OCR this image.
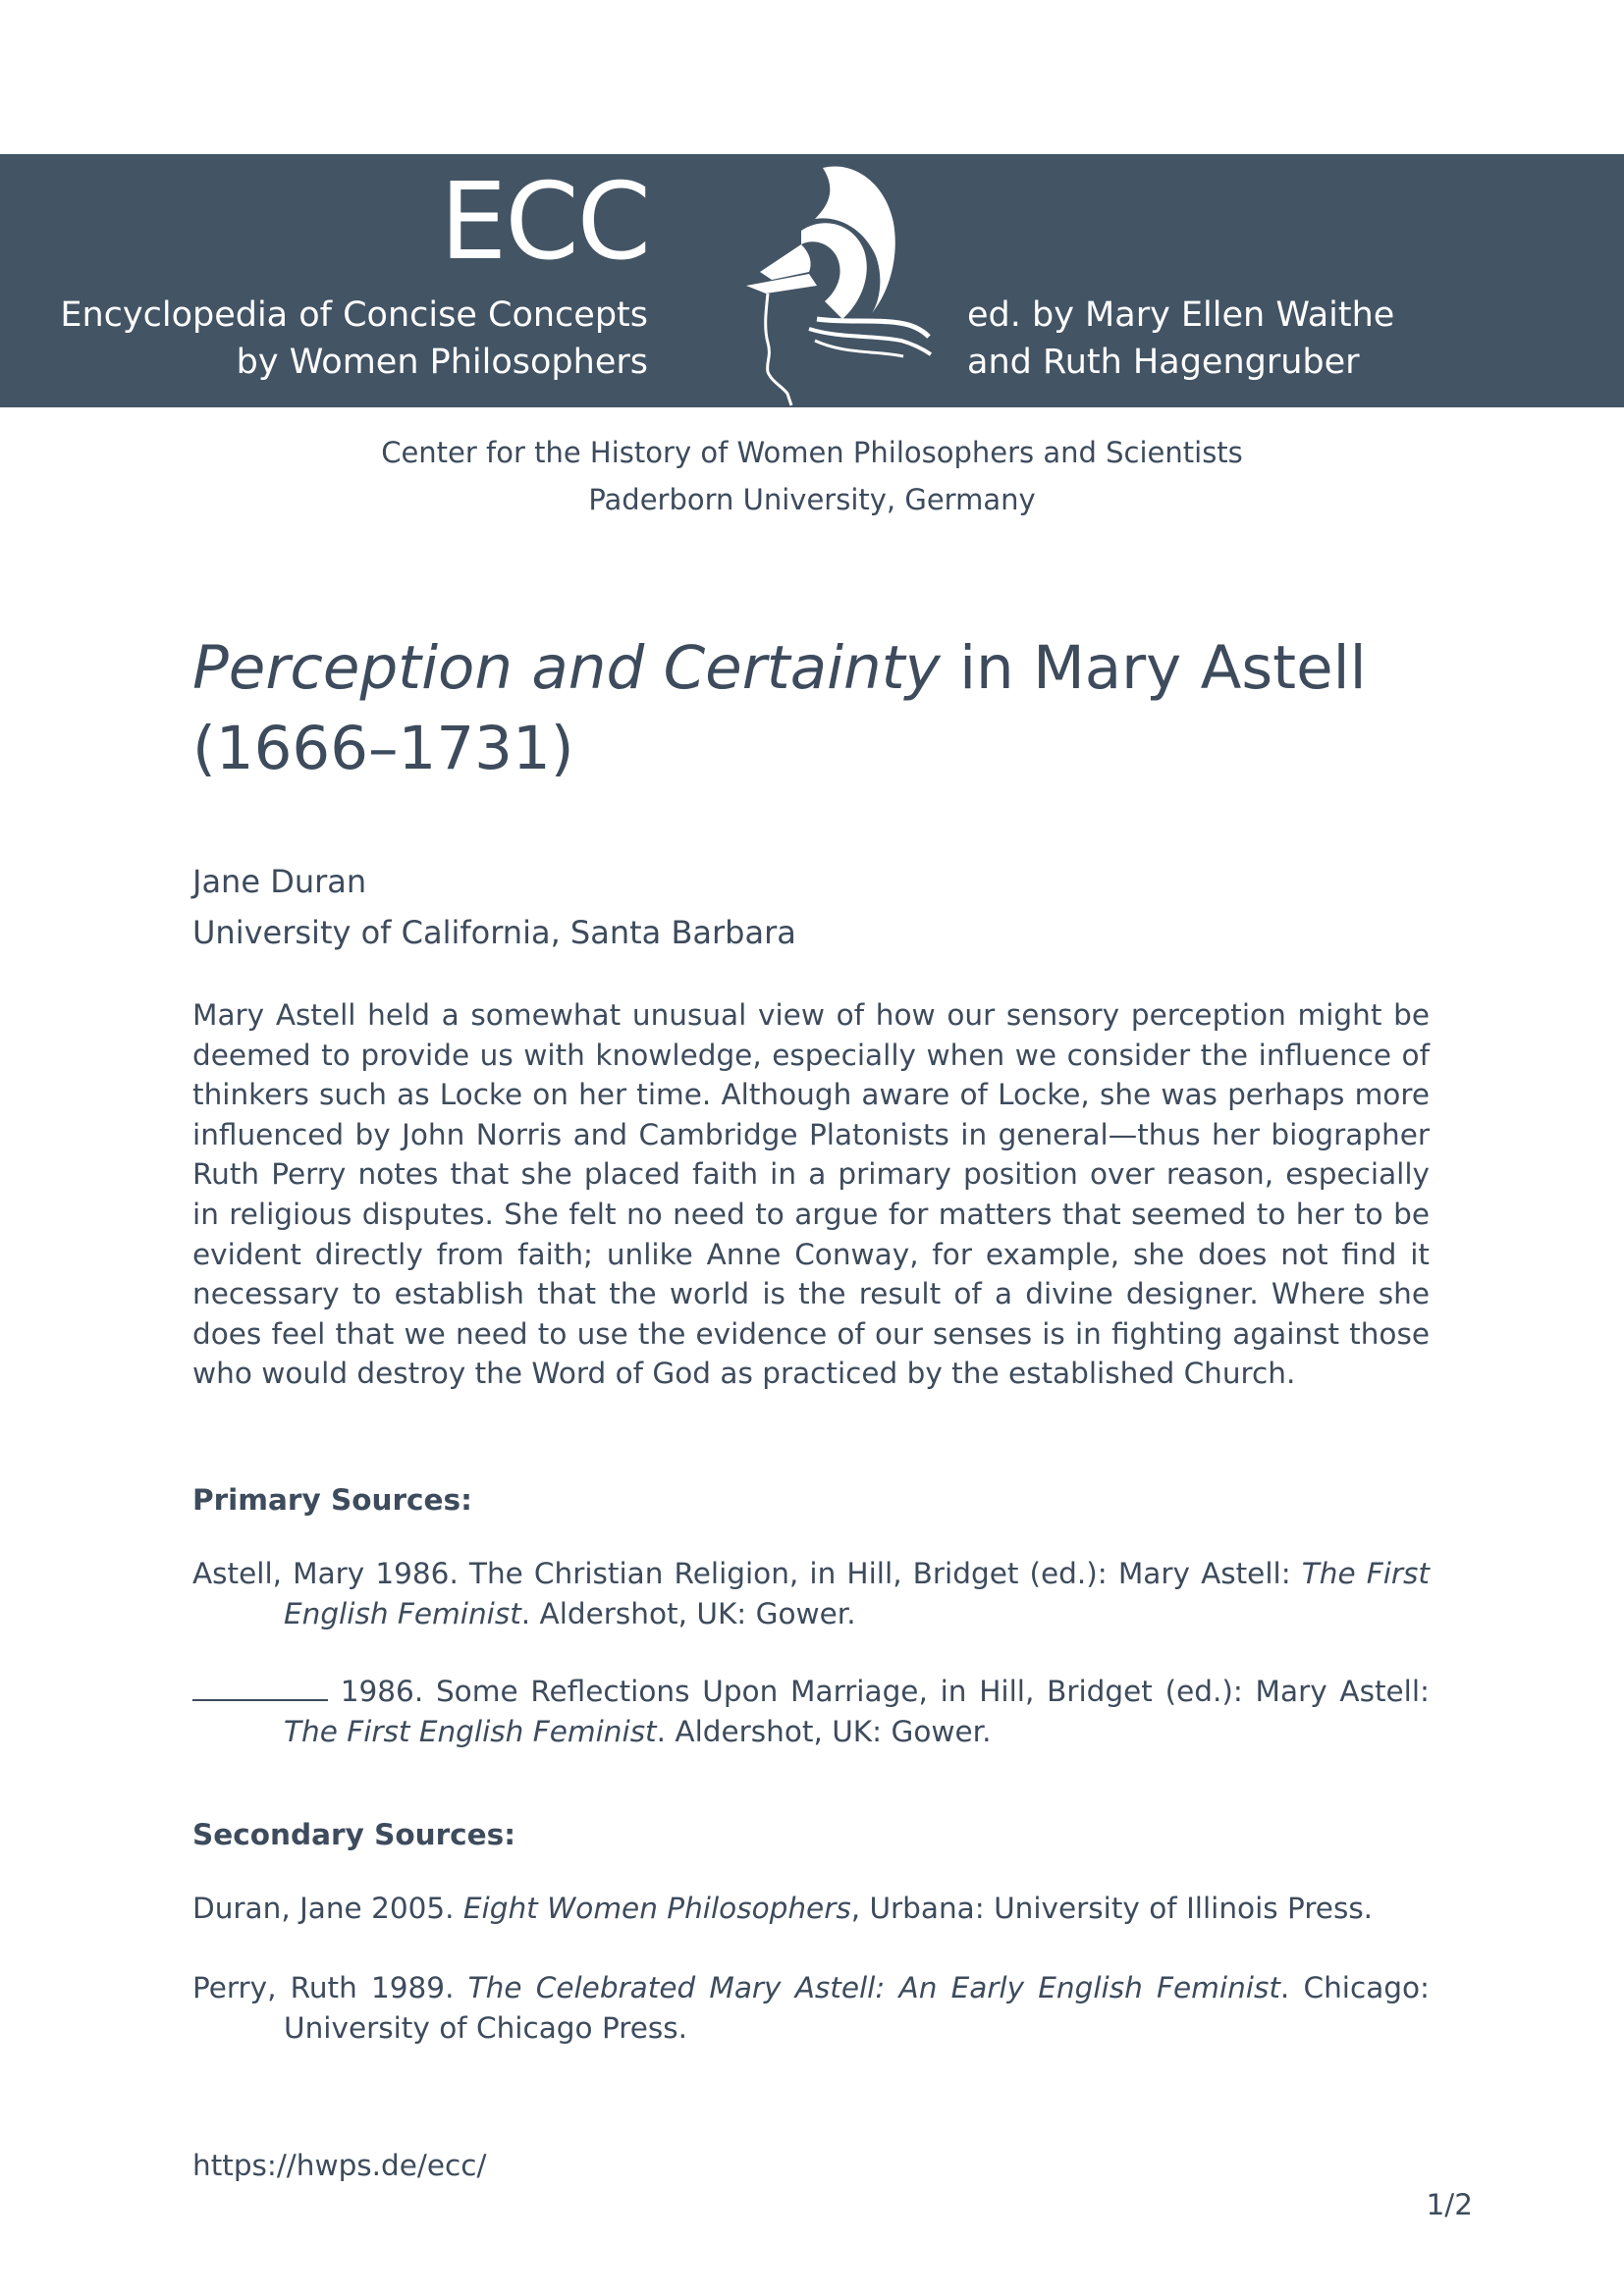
ECC
Encyclopedia of Concise Concepts
by Women Philosophers
ed. by Mary Ellen Waithe
and Ruth Hagengruber
Center for the History of Women Philosophers and Scientists
Paderborn University, Germany
Perception and Certainty in Mary Astell
(1666–1731)
Jane Duran
University of California, Santa Barbara
Mary Astell held a somewhat unusual view of how our sensory perception might be deemed to provide us with knowledge, especially when we consider the influence of thinkers such as Locke on her time. Although aware of Locke, she was perhaps more influenced by John Norris and Cambridge Platonists in general—thus her biographer Ruth Perry notes that she placed faith in a primary position over reason, especially in religious disputes. She felt no need to argue for matters that seemed to her to be evident directly from faith; unlike Anne Conway, for example, she does not find it necessary to establish that the world is the result of a divine designer. Where she does feel that we need to use the evidence of our senses is in fighting against those who would destroy the Word of God as practiced by the established Church.
Primary Sources:
Astell, Mary 1986. The Christian Religion, in Hill, Bridget (ed.): Mary Astell: The First English Feminist. Aldershot, UK: Gower.
1986. Some Reflections Upon Marriage, in Hill, Bridget (ed.): Mary Astell: The First English Feminist. Aldershot, UK: Gower.
Secondary Sources:
Duran, Jane 2005. Eight Women Philosophers, Urbana: University of Illinois Press.
Perry, Ruth 1989. The Celebrated Mary Astell: An Early English Feminist. Chicago: University of Chicago Press.
https://hwps.de/ecc/
1/2
